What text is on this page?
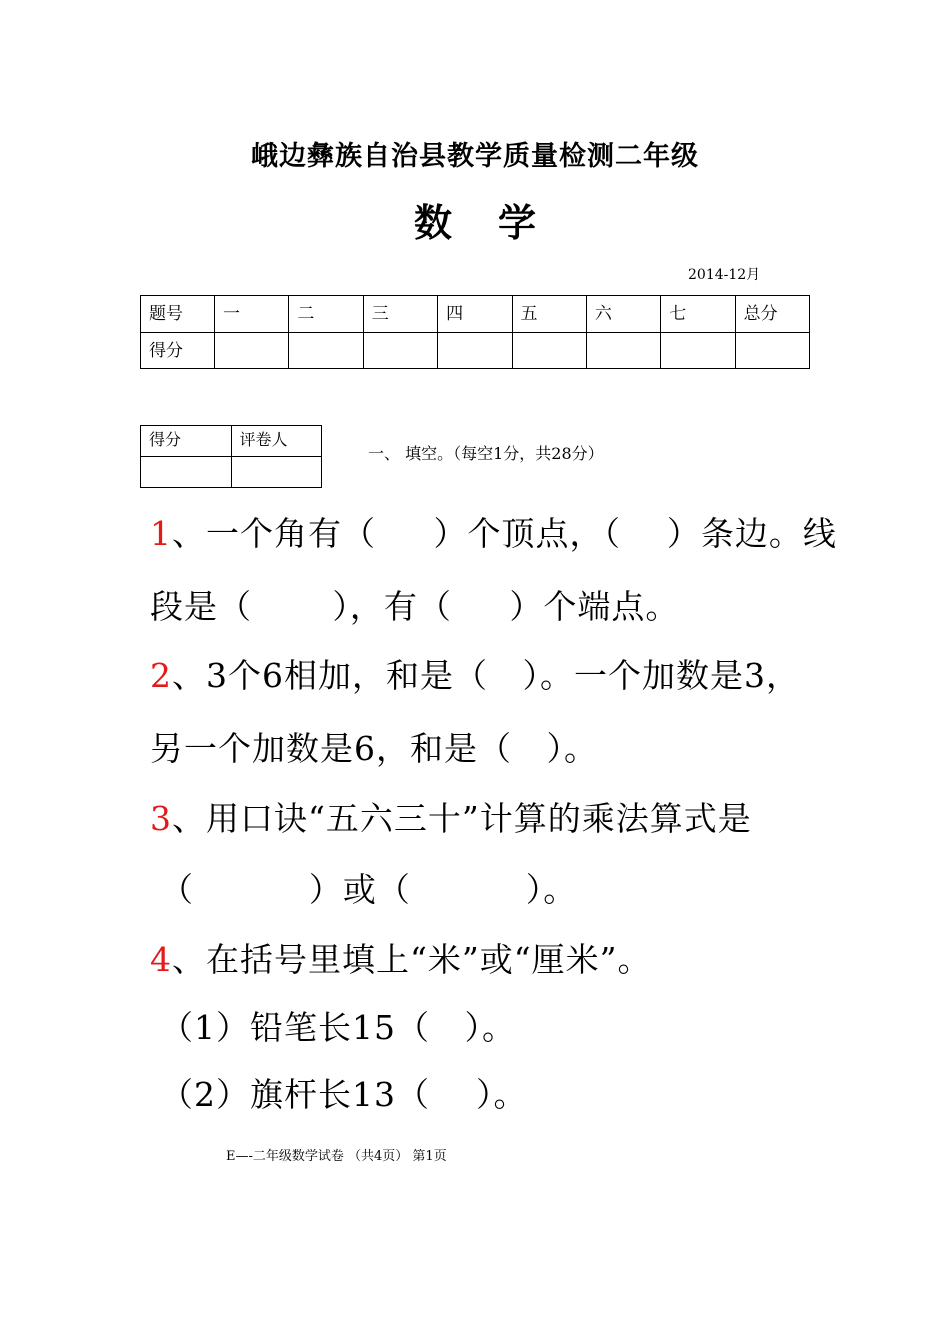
峨边彝族自治县教学质量检测二年级
数 学
2014-12月
题号	一	二	三	四	五	六	七	总分
得分								
得分	评卷人

一、 填空。（每空1分，共28分）
1、一个角有（     ）个顶点，（    ）条边。线
段是（       ），有（     ）个端点。
2、3个6相加，和是（   ）。一个加数是3，
另一个加数是6，和是（   ）。
3、用口诀“五六三十”计算的乘法算式是
（          ）或（          ）。
4、在括号里填上“米”或“厘米”。
（1）铅笔长15（   ）。
（2）旗杆长13（    ）。
E—-二年级数学试卷 （共4页） 第1页
